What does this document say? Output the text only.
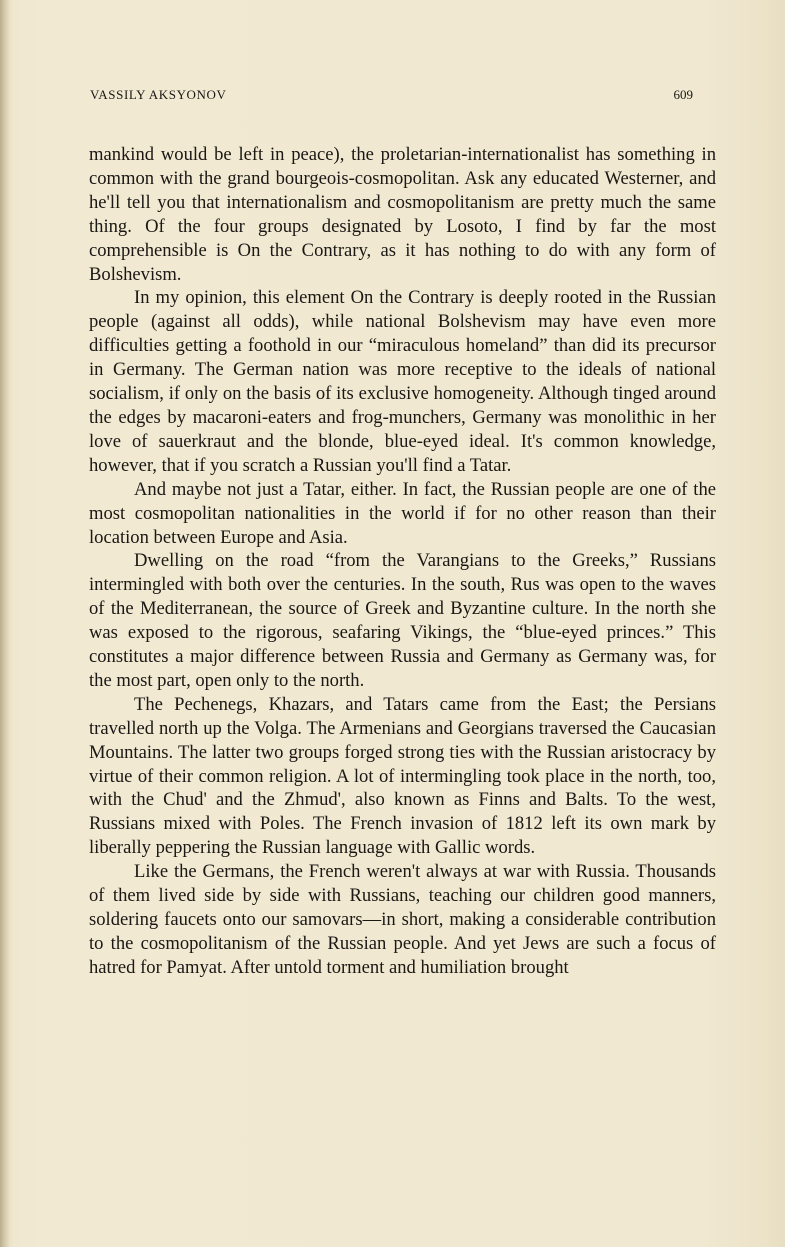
VASSILY AKSYONOV	609

mankind would be left in peace), the proletarian-internationalist has something in common with the grand bourgeois-cosmopolitan. Ask any educated Westerner, and he'll tell you that internationalism and cosmopolitanism are pretty much the same thing. Of the four groups designated by Losoto, I find by far the most comprehensible is On the Contrary, as it has nothing to do with any form of Bolshevism.

In my opinion, this element On the Contrary is deeply rooted in the Russian people (against all odds), while national Bolshevism may have even more difficulties getting a foothold in our “miraculous homeland” than did its precursor in Germany. The German nation was more receptive to the ideals of national socialism, if only on the basis of its exclusive homogeneity. Although tinged around the edges by macaroni-eaters and frog-munchers, Germany was monolithic in her love of sauerkraut and the blonde, blue-eyed ideal. It's common knowledge, however, that if you scratch a Russian you'll find a Tatar.

And maybe not just a Tatar, either. In fact, the Russian people are one of the most cosmopolitan nationalities in the world if for no other reason than their location between Europe and Asia.

Dwelling on the road “from the Varangians to the Greeks,” Russians intermingled with both over the centuries. In the south, Rus was open to the waves of the Mediterranean, the source of Greek and Byzantine culture. In the north she was exposed to the rigorous, seafaring Vikings, the “blue-eyed princes.” This constitutes a major difference between Russia and Germany as Germany was, for the most part, open only to the north.

The Pechenegs, Khazars, and Tatars came from the East; the Persians travelled north up the Volga. The Armenians and Georgians traversed the Caucasian Mountains. The latter two groups forged strong ties with the Russian aristocracy by virtue of their common religion. A lot of intermingling took place in the north, too, with the Chud' and the Zhmud', also known as Finns and Balts. To the west, Russians mixed with Poles. The French invasion of 1812 left its own mark by liberally peppering the Russian language with Gallic words.

Like the Germans, the French weren't always at war with Russia. Thousands of them lived side by side with Russians, teaching our children good manners, soldering faucets onto our samovars—in short, making a considerable contribution to the cosmopolitanism of the Russian people. And yet Jews are such a focus of hatred for Pamyat. After untold torment and humiliation brought
